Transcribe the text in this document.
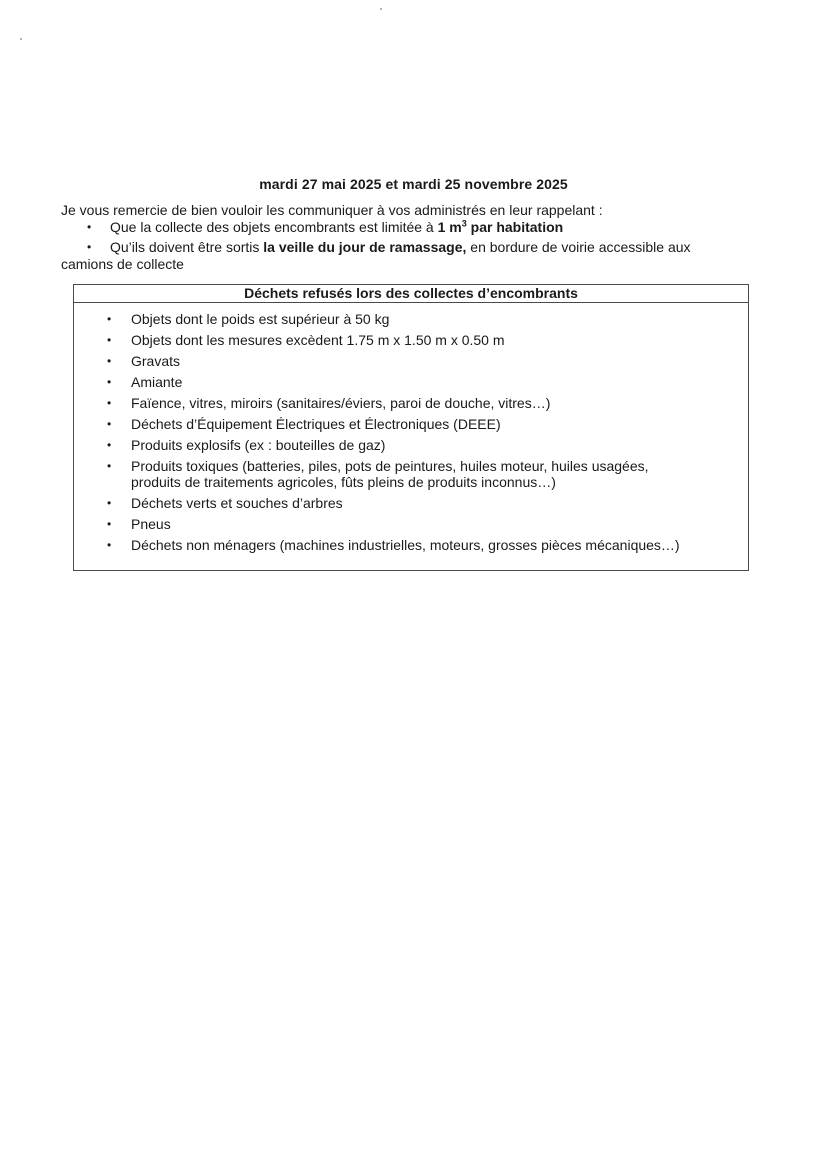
mardi 27 mai 2025 et mardi 25 novembre 2025
Je vous remercie de bien vouloir les communiquer à vos administrés en leur rappelant :
• Que la collecte des objets encombrants est limitée à 1 $m^3$ par habitation
• Qu’ils doivent être sortis la veille du jour de ramassage, en bordure de voirie accessible aux
camions de collecte
Déchets refusés lors des collectes d’encombrants
• Objets dont le poids est supérieur à 50 kg
• Objets dont les mesures excèdent 1.75 m x 1.50 m x 0.50 m
• Gravats
• Amiante
• Faïence, vitres, miroirs (sanitaires/éviers, paroi de douche, vitres…)
• Déchets d’Équipement Électriques et Électroniques (DEEE)
• Produits explosifs (ex : bouteilles de gaz)
• Produits toxiques (batteries, piles, pots de peintures, huiles moteur, huiles usagées,
produits de traitements agricoles, fûts pleins de produits inconnus…)
• Déchets verts et souches d’arbres
• Pneus
• Déchets non ménagers (machines industrielles, moteurs, grosses pièces mécaniques…)
